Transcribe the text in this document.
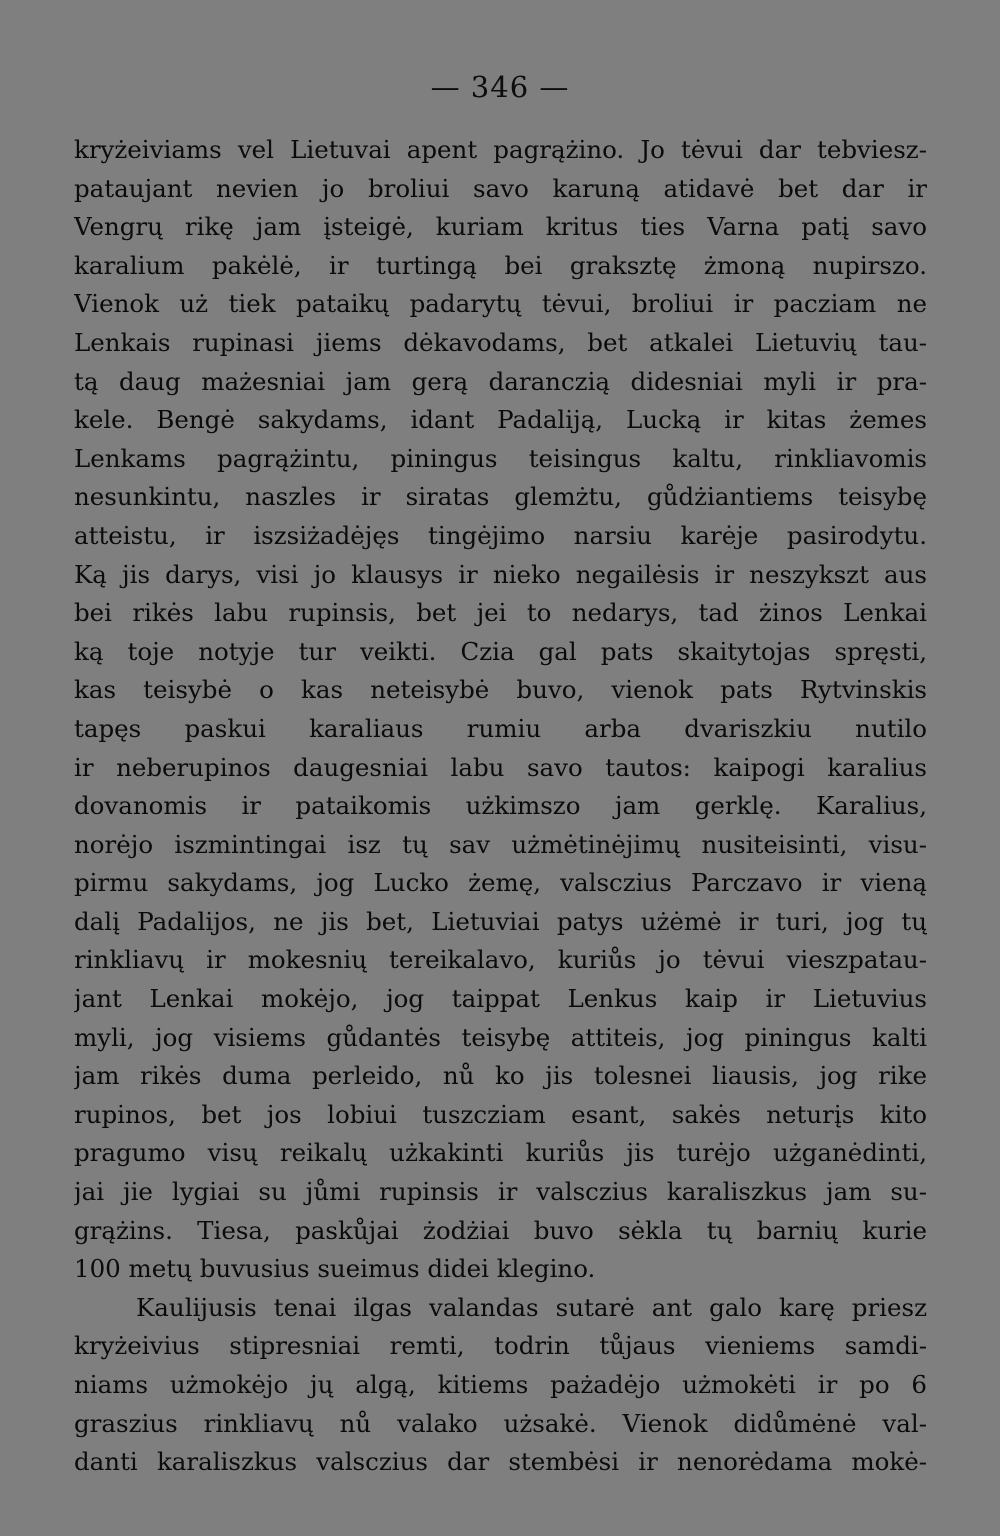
— 346 —
kryżeiviams vel Lietuvai apent pagrążino. Jo tėvui dar tebviesz-
pataujant nevien jo broliui savo karuną atidavė bet dar ir
Vengrų rikę jam įsteigė, kuriam kritus ties Varna patį savo
karalium pakėlė, ir turtingą bei graksztę żmoną nupirszo.
Vienok uż tiek pataikų padarytų tėvui, broliui ir pacziam ne
Lenkais rupinasi jiems dėkavodams, bet atkalei Lietuvių tau-
tą daug mażesniai jam gerą daranczią didesniai myli ir pra-
kele. Bengė sakydams, idant Padaliją, Lucką ir kitas żemes
Lenkams pagrążintu, piningus teisingus kaltu, rinkliavomis
nesunkintu, naszles ir siratas glemżtu, gůdżiantiems teisybę
atteistu, ir iszsiżadėjęs tingėjimo narsiu karėje pasirodytu.
Ką jis darys, visi jo klausys ir nieko negailėsis ir neszykszt aus
bei rikės labu rupinsis, bet jei to nedarys, tad żinos Lenkai
ką toje notyje tur veikti. Czia gal pats skaitytojas spręsti,
kas teisybė o kas neteisybė buvo, vienok pats Rytvinskis
tapęs paskui karaliaus rumiu arba dvariszkiu nutilo
ir neberupinos daugesniai labu savo tautos: kaipogi karalius
dovanomis ir pataikomis użkimszo jam gerklę. Karalius,
norėjo iszmintingai isz tų sav użmėtinėjimų nusiteisinti, visu-
pirmu sakydams, jog Lucko żemę, valsczius Parczavo ir vieną
dalį Padalijos, ne jis bet, Lietuviai patys użėmė ir turi, jog tų
rinkliavų ir mokesnių tereikalavo, kuriůs jo tėvui vieszpatau-
jant Lenkai mokėjo, jog taippat Lenkus kaip ir Lietuvius
myli, jog visiems gůdantės teisybę attiteis, jog piningus kalti
jam rikės duma perleido, nů ko jis tolesnei liausis, jog rike
rupinos, bet jos lobiui tuszcziam esant, sakės neturįs kito
pragumo visų reikalų użkakinti kuriůs jis turėjo użganėdinti,
jai jie lygiai su jůmi rupinsis ir valsczius karaliszkus jam su-
grążins. Tiesa, paskůjai żodżiai buvo sėkla tų barnių kurie
100 metų buvusius sueimus didei klegino.
Kaulijusis tenai ilgas valandas sutarė ant galo karę priesz
kryżeivius stipresniai remti, todrin tůjaus vieniems samdi-
niams użmokėjo jų algą, kitiems pażadėjo użmokėti ir po 6
graszius rinkliavų nů valako użsakė. Vienok didůmėnė val-
danti karaliszkus valsczius dar stembėsi ir nenorėdama mokė-
